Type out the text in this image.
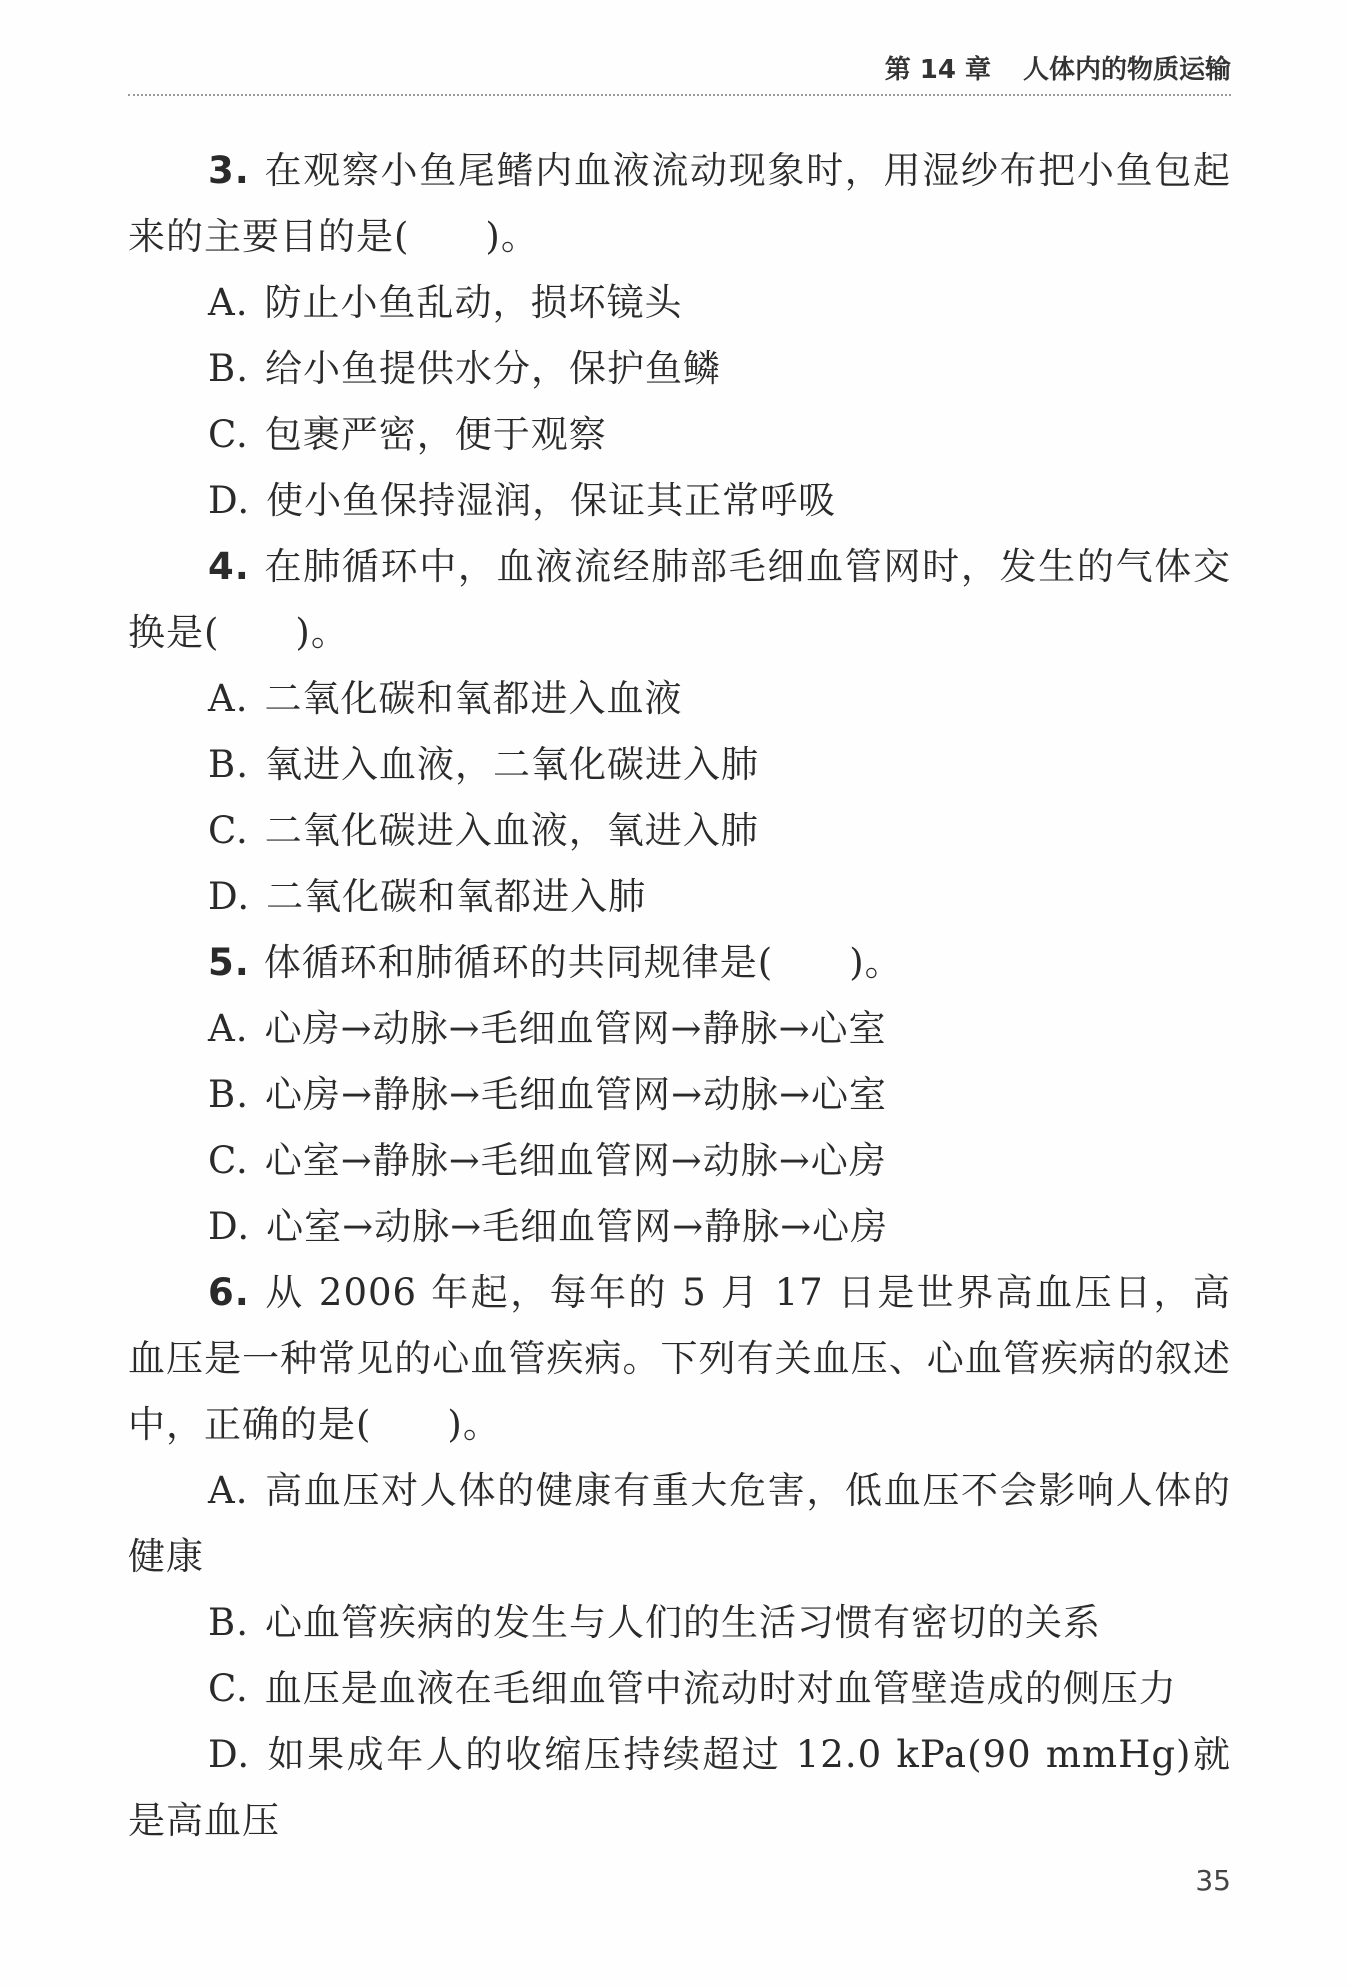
第 14 章 人体内的物质运输

3. 在观察小鱼尾鳍内血液流动现象时，用湿纱布把小鱼包起来的主要目的是(　　)。

A. 防止小鱼乱动，损坏镜头

B. 给小鱼提供水分，保护鱼鳞

C. 包裹严密，便于观察

D. 使小鱼保持湿润，保证其正常呼吸

4. 在肺循环中，血液流经肺部毛细血管网时，发生的气体交换是(　　)。

A. 二氧化碳和氧都进入血液

B. 氧进入血液，二氧化碳进入肺

C. 二氧化碳进入血液，氧进入肺

D. 二氧化碳和氧都进入肺

5. 体循环和肺循环的共同规律是(　　)。

A. 心房→动脉→毛细血管网→静脉→心室

B. 心房→静脉→毛细血管网→动脉→心室

C. 心室→静脉→毛细血管网→动脉→心房

D. 心室→动脉→毛细血管网→静脉→心房

6. 从 2006 年起，每年的 5 月 17 日是世界高血压日，高血压是一种常见的心血管疾病。下列有关血压、心血管疾病的叙述中，正确的是(　　)。

A. 高血压对人体的健康有重大危害，低血压不会影响人体的健康

B. 心血管疾病的发生与人们的生活习惯有密切的关系

C. 血压是血液在毛细血管中流动时对血管壁造成的侧压力

D. 如果成年人的收缩压持续超过 12.0 kPa(90 mmHg)就是高血压

35
